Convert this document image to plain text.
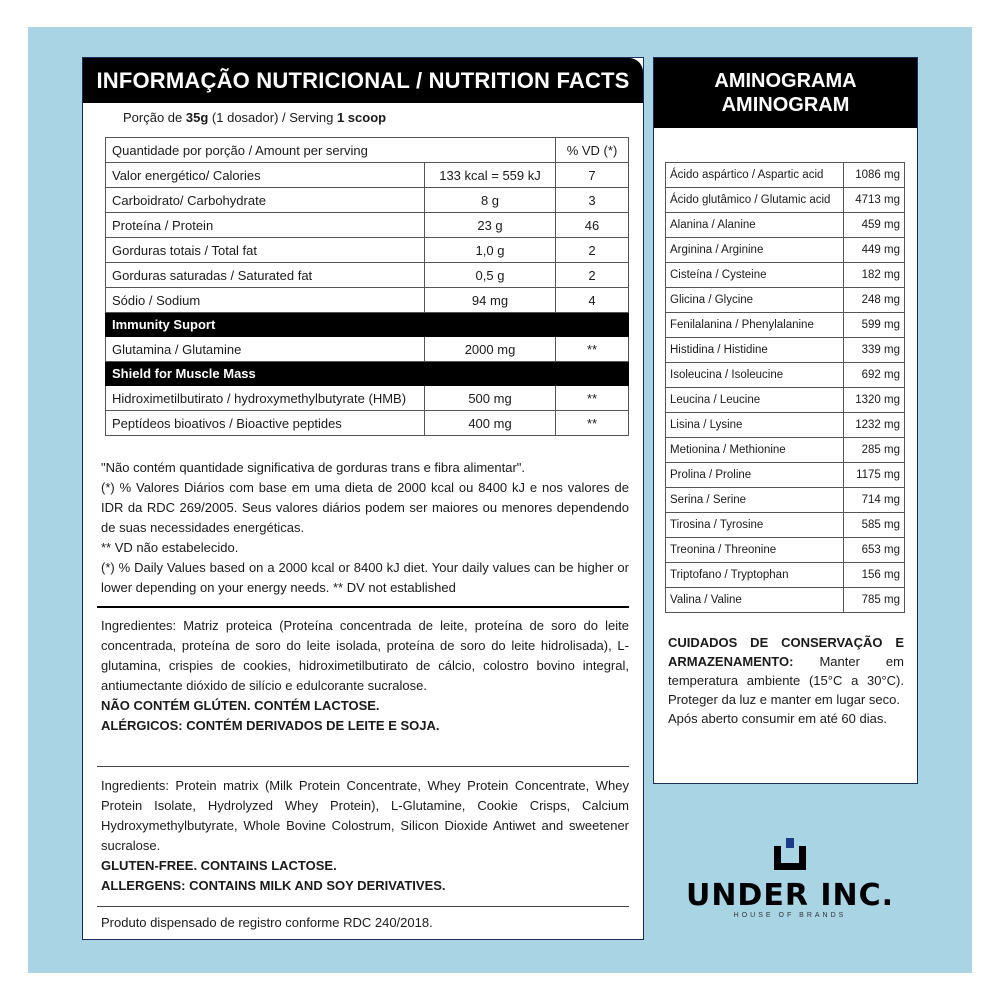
INFORMAÇÃO NUTRICIONAL / NUTRITION FACTS
Porção de 35g (1 dosador) / Serving 1 scoop
Quantidade por porção / Amount per serving		% VD (*)
Valor energético/ Calories	133 kcal = 559 kJ	7
Carboidrato/ Carbohydrate	8 g	3
Proteína / Protein	23 g	46
Gorduras totais / Total fat	1,0 g	2
Gorduras saturadas / Saturated fat	0,5 g	2
Sódio / Sodium	94 mg	4
Immunity Suport		
Glutamina / Glutamine	2000 mg	**
Shield for Muscle Mass		
Hidroximetilbutirato / hydroxymethylbutyrate (HMB)	500 mg	**
Peptídeos bioativos / Bioactive peptides	400 mg	**

"Não contém quantidade significativa de gorduras trans e fibra alimentar".

(*) % Valores Diários com base em uma dieta de 2000 kcal ou 8400 kJ e nos valores de IDR da RDC 269/2005. Seus valores diários podem ser maiores ou menores dependendo de suas necessidades energéticas.

** VD não estabelecido.

(*) % Daily Values based on a 2000 kcal or 8400 kJ diet. Your daily values can be higher or lower depending on your energy needs. ** DV not established

Ingredientes: Matriz proteica (Proteína concentrada de leite, proteína de soro do leite concentrada, proteína de soro do leite isolada, proteína de soro do leite hidrolisada), L-glutamina, crispies de cookies, hidroximetilbutirato de cálcio, colostro bovino integral, antiumectante dióxido de silício e edulcorante sucralose.

NÃO CONTÉM GLÚTEN. CONTÉM LACTOSE.

ALÉRGICOS: CONTÉM DERIVADOS DE LEITE E SOJA.

Ingredients: Protein matrix (Milk Protein Concentrate, Whey Protein Concentrate, Whey Protein Isolate, Hydrolyzed Whey Protein), L-Glutamine, Cookie Crisps, Calcium Hydroxymethylbutyrate, Whole Bovine Colostrum, Silicon Dioxide Antiwet and sweetener sucralose.

GLUTEN-FREE. CONTAINS LACTOSE.

ALLERGENS: CONTAINS MILK AND SOY DERIVATIVES.

Produto dispensado de registro conforme RDC 240/2018.
AMINOGRAMA
AMINOGRAM
Ácido aspártico / Aspartic acid	1086 mg
Ácido glutâmico / Glutamic acid	4713 mg
Alanina / Alanine	459 mg
Arginina / Arginine	449 mg
Cisteína / Cysteine	182 mg
Glicina / Glycine	248 mg
Fenilalanina / Phenylalanine	599 mg
Histidina / Histidine	339 mg
Isoleucina / Isoleucine	692 mg
Leucina / Leucine	1320 mg
Lisina / Lysine	1232 mg
Metionina / Methionine	285 mg
Prolina / Proline	1175 mg
Serina / Serine	714 mg
Tirosina / Tyrosine	585 mg
Treonina / Threonine	653 mg
Triptofano / Tryptophan	156 mg
Valina / Valine	785 mg

CUIDADOS DE CONSERVAÇÃO E ARMAZENAMENTO: Manter em temperatura ambiente (15°C a 30°C). Proteger da luz e manter em lugar seco.

Após aberto consumir em até 60 dias.

UNDER INC.
HOUSE OF BRANDS
